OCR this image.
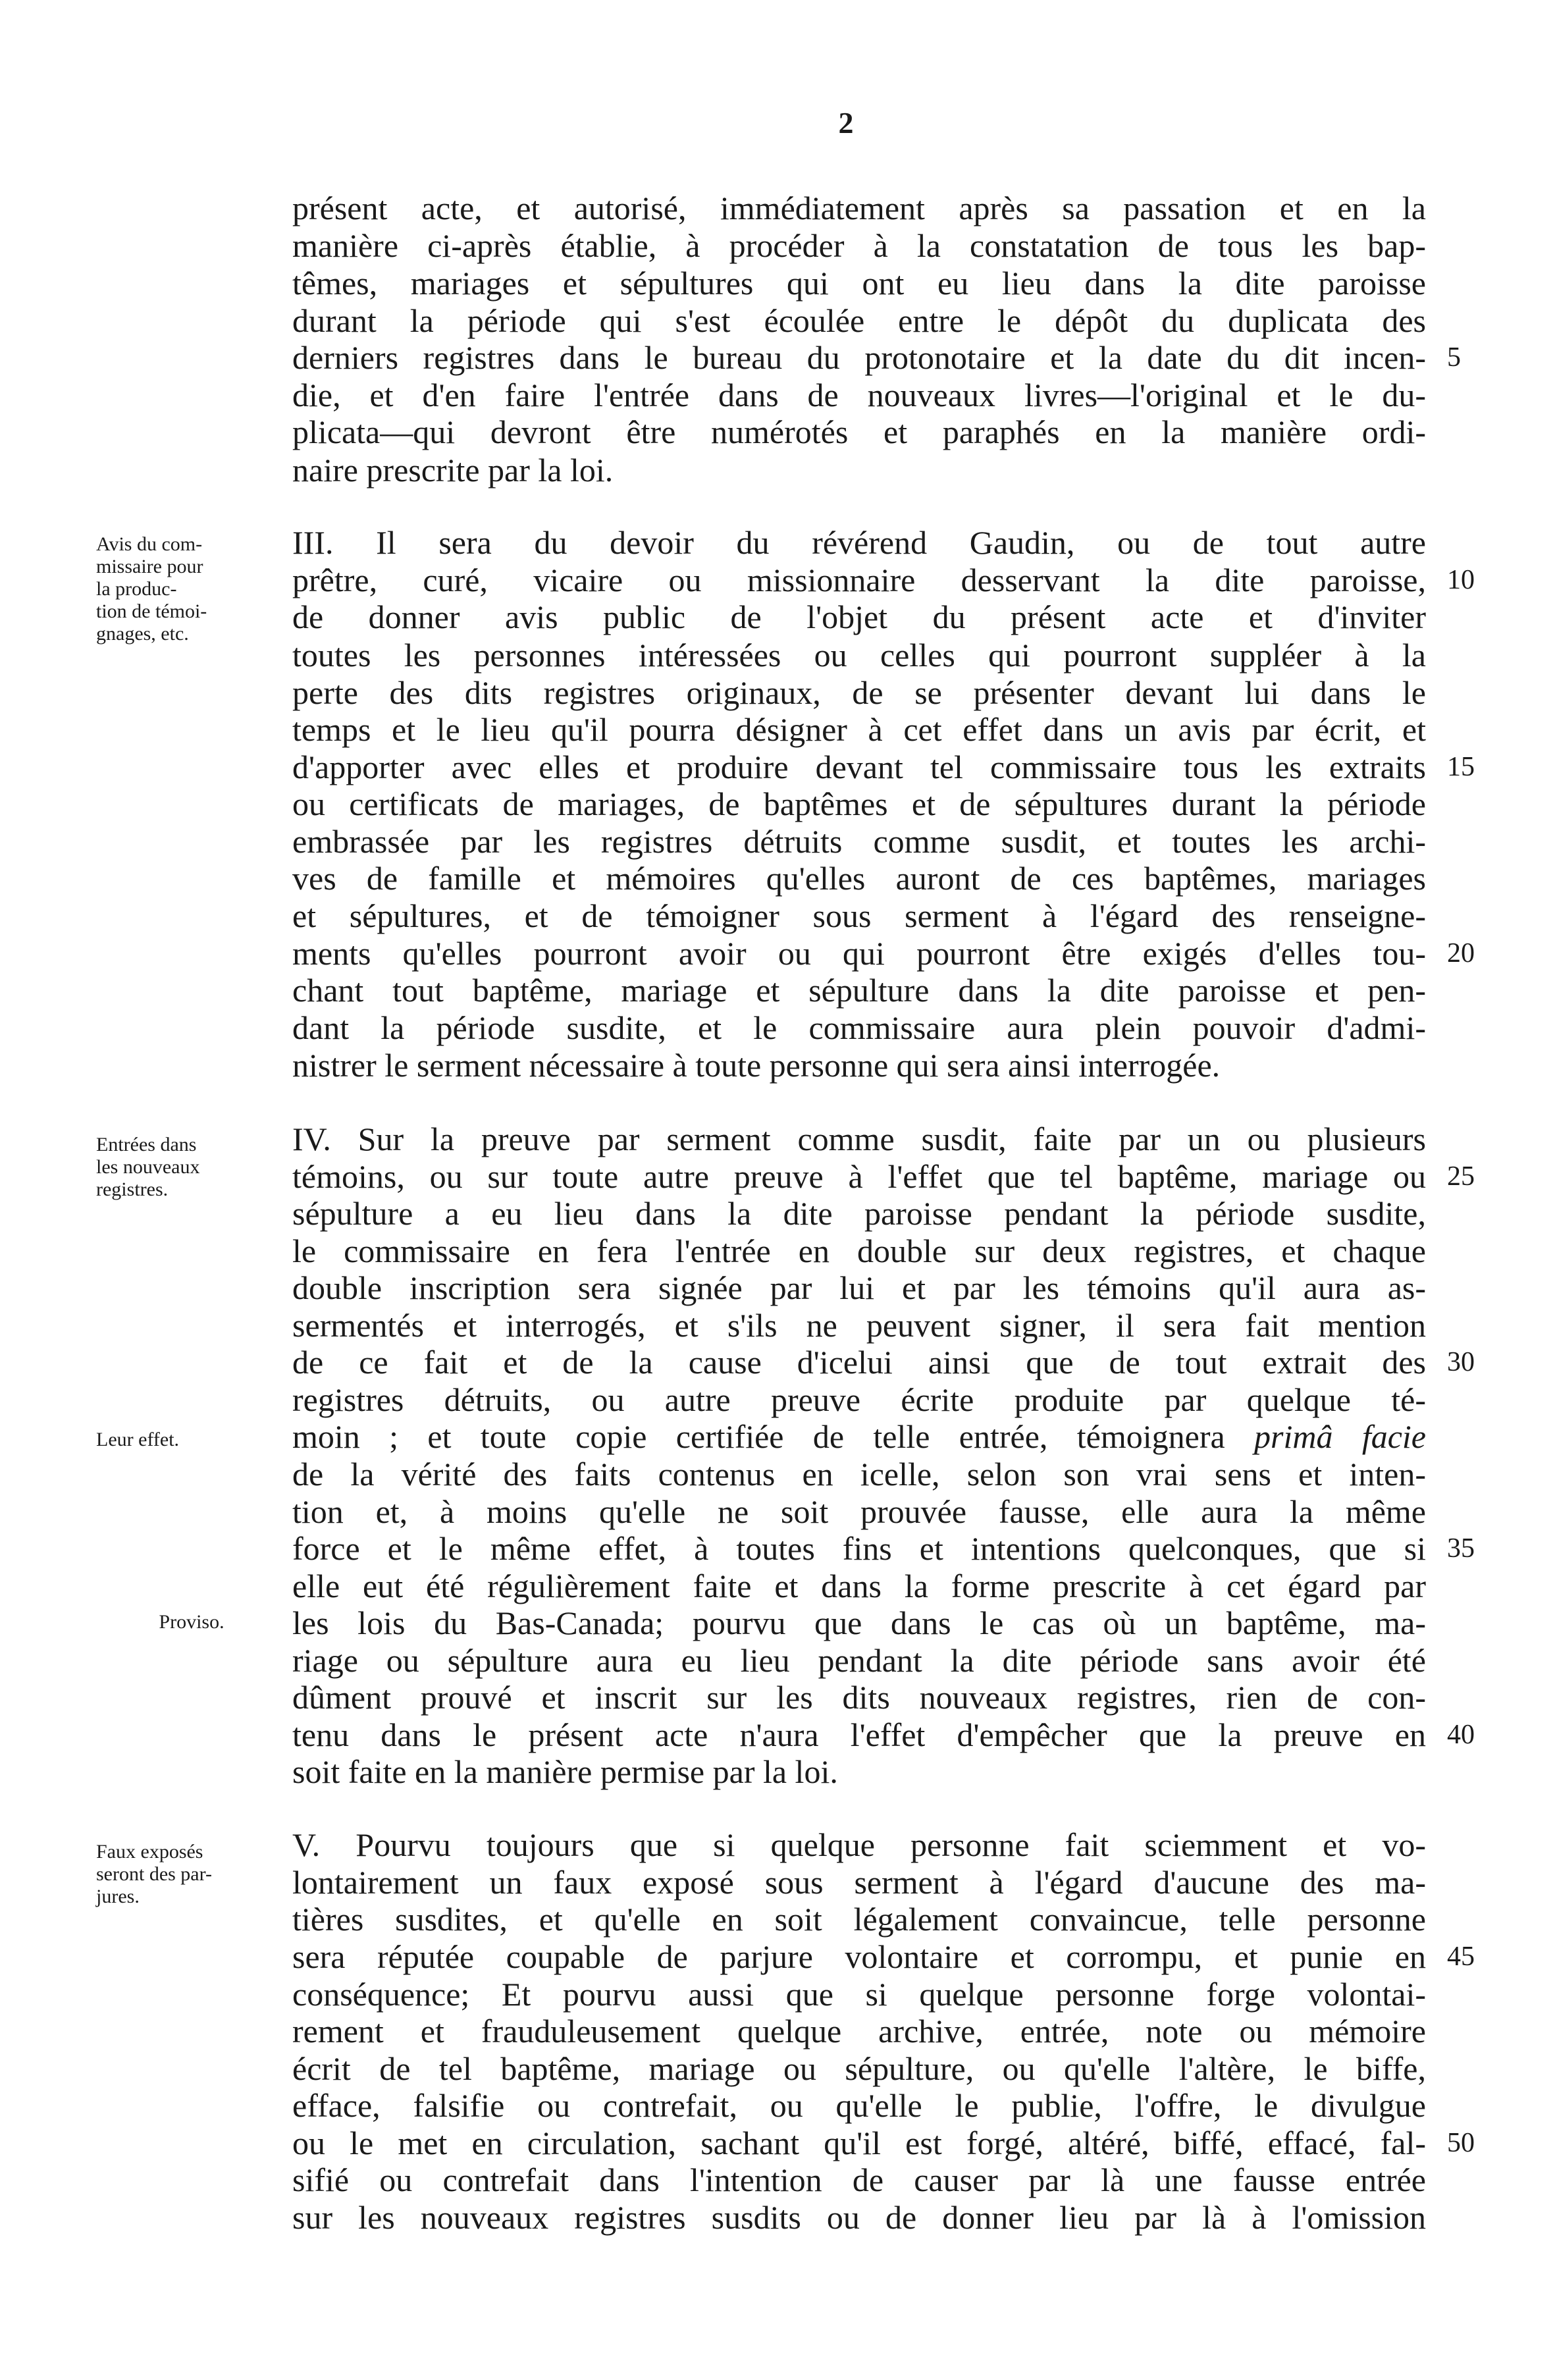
2
présent acte, et autorisé, immédiatement après sa passation et en la
manière ci-après établie, à procéder à la constatation de tous les bap-
têmes, mariages et sépultures qui ont eu lieu dans la dite paroisse
durant la période qui s'est écoulée entre le dépôt du duplicata des
derniers registres dans le bureau du protonotaire et la date du dit incen-
die, et d'en faire l'entrée dans de nouveaux livres—l'original et le du-
plicata—qui devront être numérotés et paraphés en la manière ordi-
naire prescrite par la loi.
III. Il sera du devoir du révérend Gaudin, ou de tout autre
prêtre, curé, vicaire ou missionnaire desservant la dite paroisse,
de donner avis public de l'objet du présent acte et d'inviter
toutes les personnes intéressées ou celles qui pourront suppléer à la
perte des dits registres originaux, de se présenter devant lui dans le
temps et le lieu qu'il pourra désigner à cet effet dans un avis par écrit, et
d'apporter avec elles et produire devant tel commissaire tous les extraits
ou certificats de mariages, de baptêmes et de sépultures durant la période
embrassée par les registres détruits comme susdit, et toutes les archi-
ves de famille et mémoires qu'elles auront de ces baptêmes, mariages
et sépultures, et de témoigner sous serment à l'égard des renseigne-
ments qu'elles pourront avoir ou qui pourront être exigés d'elles tou-
chant tout baptême, mariage et sépulture dans la dite paroisse et pen-
dant la période susdite, et le commissaire aura plein pouvoir d'admi-
nistrer le serment nécessaire à toute personne qui sera ainsi interrogée.
IV. Sur la preuve par serment comme susdit, faite par un ou plusieurs
témoins, ou sur toute autre preuve à l'effet que tel baptême, mariage ou
sépulture a eu lieu dans la dite paroisse pendant la période susdite,
le commissaire en fera l'entrée en double sur deux registres, et chaque
double inscription sera signée par lui et par les témoins qu'il aura as-
sermentés et interrogés, et s'ils ne peuvent signer, il sera fait mention
de ce fait et de la cause d'icelui ainsi que de tout extrait des
registres détruits, ou autre preuve écrite produite par quelque té-
moin ; et toute copie certifiée de telle entrée, témoignera primâ facie
de la vérité des faits contenus en icelle, selon son vrai sens et inten-
tion et, à moins qu'elle ne soit prouvée fausse, elle aura la même
force et le même effet, à toutes fins et intentions quelconques, que si
elle eut été régulièrement faite et dans la forme prescrite à cet égard par
les lois du Bas-Canada; pourvu que dans le cas où un baptême, ma-
riage ou sépulture aura eu lieu pendant la dite période sans avoir été
dûment prouvé et inscrit sur les dits nouveaux registres, rien de con-
tenu dans le présent acte n'aura l'effet d'empêcher que la preuve en
soit faite en la manière permise par la loi.
V. Pourvu toujours que si quelque personne fait sciemment et vo-
lontairement un faux exposé sous serment à l'égard d'aucune des ma-
tières susdites, et qu'elle en soit légalement convaincue, telle personne
sera réputée coupable de parjure volontaire et corrompu, et punie en
conséquence; Et pourvu aussi que si quelque personne forge volontai-
rement et frauduleusement quelque archive, entrée, note ou mémoire
écrit de tel baptême, mariage ou sépulture, ou qu'elle l'altère, le biffe,
efface, falsifie ou contrefait, ou qu'elle le publie, l'offre, le divulgue
ou le met en circulation, sachant qu'il est forgé, altéré, biffé, effacé, fal-
sifié ou contrefait dans l'intention de causer par là une fausse entrée
sur les nouveaux registres susdits ou de donner lieu par là à l'omission
5
10
15
20
25
30
35
40
45
50
Avis du com-
missaire pour
la produc-
tion de témoi-
gnages, etc.
Entrées dans
les nouveaux
registres.
Leur effet.
Proviso.
Faux exposés
seront des par-
jures.
